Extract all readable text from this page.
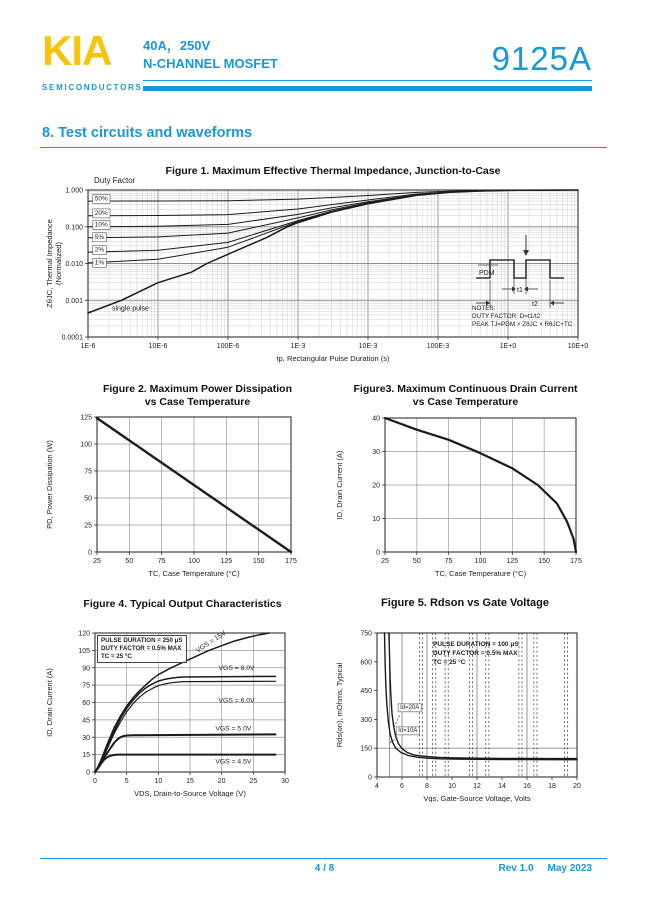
KIA
SEMICONDUCTORS
40A，250V
N-CHANNEL MOSFET	9125A
8. Test circuits and waveforms
Figure 1. Maximum Effective Thermal Impedance, Junction-to-Case
Duty Factor
1E-6	10E-6	100E-6	1E-3	10E-3	100E-3	1E+0	10E+0
1.000
0.100
0.010
0.001
0.0001
tp, Rectangular Pulse Duration (s)
ZθJC, Thermal Impedance (Normalized)
50%
20%
10%
5%
2%
1%
single pulse
PDM
t1
t2
NOTES:
DUTY FACTOR: D=t1/t2
PEAK TJ=PDM × ZθJC × RθJC+TC
Figure 2. Maximum Power Dissipation
vs Case Temperature
25	50	75	100	125	150	175
0
25
50
75
100
125
TC, Case Temperature (°C)
PD, Power Dissipation (W)
Figure3. Maximum Continuous Drain Current
vs Case Temperature
25	50	75	100	125	150	175
0
10
20
30
40
TC, Case Temperature (°C)
ID, Drain Current (A)
Figure 4. Typical Output Characteristics
0	5	10	15	20	25	30
0
15
30
45
60
75
90
105
120
VDS, Drain-to-Source Voltage (V)
ID, Drain Current (A)
VGS = 15V
VGS = 8.0V
VGS = 6.0V
VGS = 5.0V
VGS = 4.5V
PULSE DURATION = 250 μS
DUTY FACTOR = 0.5% MAX
TC = 25 °C
Figure 5. Rdson vs Gate Voltage
4	6	8	10 12 14 16 18 20
0
150
300
450
600
750
Vgs, Gate-Source Voltage, Volts
Rds(on), mOhms, Typical	Id=20A
Id=10A
PULSE DURATION = 100 μS
DUTY FACTOR = 0.5% MAX
TC = 25 °C
4 / 8	Rev 1.0 May 2023
